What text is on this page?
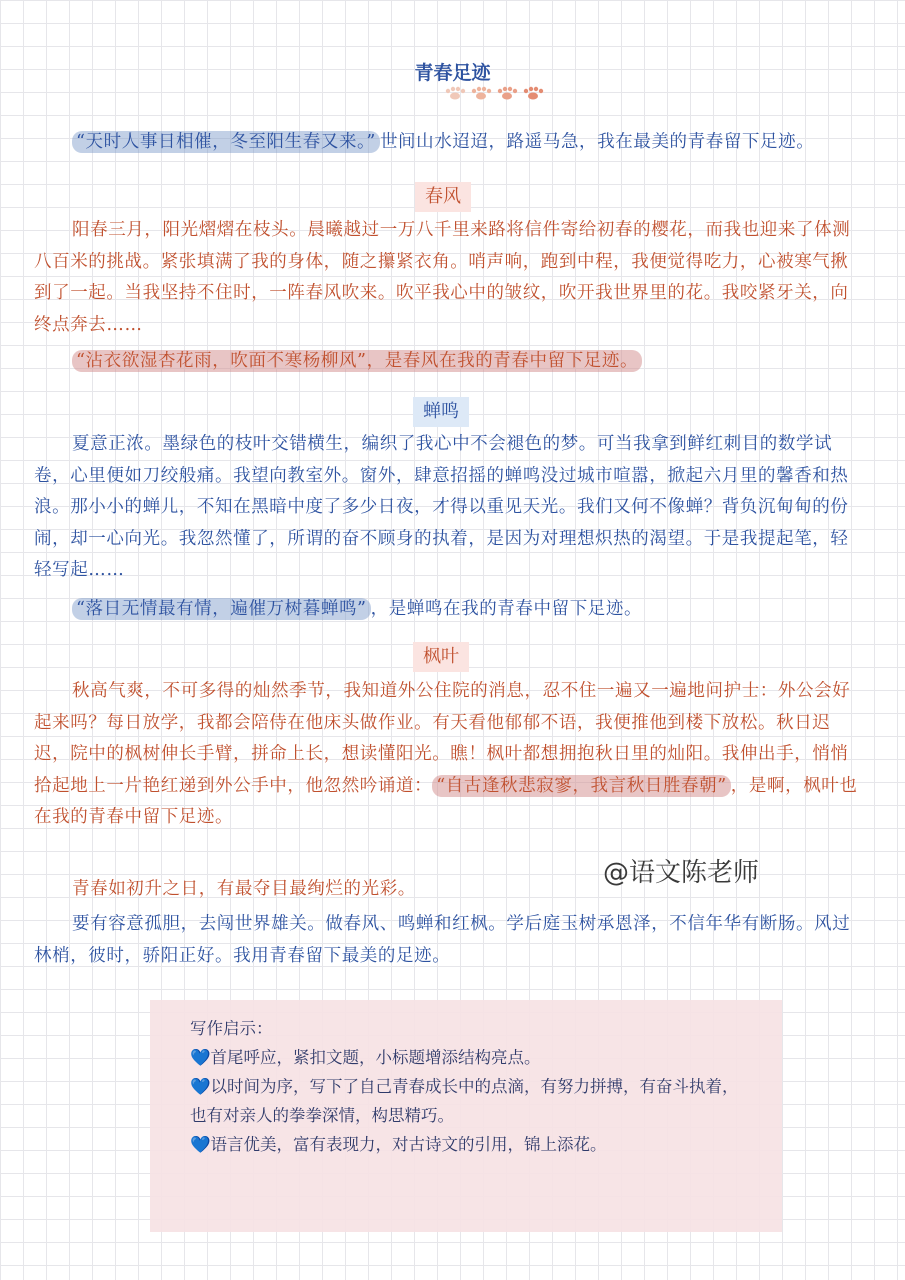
青春足迹

“天时人事日相催，冬至阳生春又来。” 世间山水迢迢，路遥马急，我在最美的青春留下足迹。

春风

阳春三月，阳光熠熠在枝头。晨曦越过一万八千里来路将信件寄给初春的樱花，而我也迎来了体测八百米的挑战。紧张填满了我的身体，随之攥紧衣角。哨声响，跑到中程，我便觉得吃力，心被寒气揪到了一起。当我坚持不住时，一阵春风吹来。吹平我心中的皱纹，吹开我世界里的花。我咬紧牙关，向终点奔去……

“沾衣欲湿杏花雨，吹面不寒杨柳风”，是春风在我的青春中留下足迹。

蝉鸣

夏意正浓。墨绿色的枝叶交错横生，编织了我心中不会褪色的梦。可当我拿到鲜红刺目的数学试卷，心里便如刀绞般痛。我望向教室外。窗外，肆意招摇的蝉鸣没过城市喧嚣，掀起六月里的馨香和热浪。那小小的蝉儿，不知在黑暗中度了多少日夜，才得以重见天光。我们又何不像蝉？背负沉甸甸的份闹，却一心向光。我忽然懂了，所谓的奋不顾身的执着，是因为对理想炽热的渴望。于是我提起笔，轻轻写起……

“落日无情最有情，遍催万树暮蝉鸣” ，是蝉鸣在我的青春中留下足迹。

枫叶

秋高气爽，不可多得的灿然季节，我知道外公住院的消息，忍不住一遍又一遍地问护士：外公会好起来吗？每日放学，我都会陪侍在他床头做作业。有天看他郁郁不语，我便推他到楼下放松。秋日迟迟，院中的枫树伸长手臂，拼命上长，想读懂阳光。瞧！枫叶都想拥抱秋日里的灿阳。我伸出手，悄悄拾起地上一片艳红递到外公手中，他忽然吟诵道： “自古逢秋悲寂寥，我言秋日胜春朝” ，是啊，枫叶也在我的青春中留下足迹。

青春如初升之日，有最夺目最绚烂的光彩。

要有容意孤胆，去闯世界雄关。做春风、鸣蝉和红枫。学后庭玉树承恩泽，不信年华有断肠。风过林梢，彼时，骄阳正好。我用青春留下最美的足迹。

@语文陈老师
写作启示：
💙首尾呼应，紧扣文题，小标题增添结构亮点。
💙以时间为序，写下了自己青春成长中的点滴，有努力拼搏，有奋斗执着，也有对亲人的拳拳深情，构思精巧。
💙语言优美，富有表现力，对古诗文的引用，锦上添花。
